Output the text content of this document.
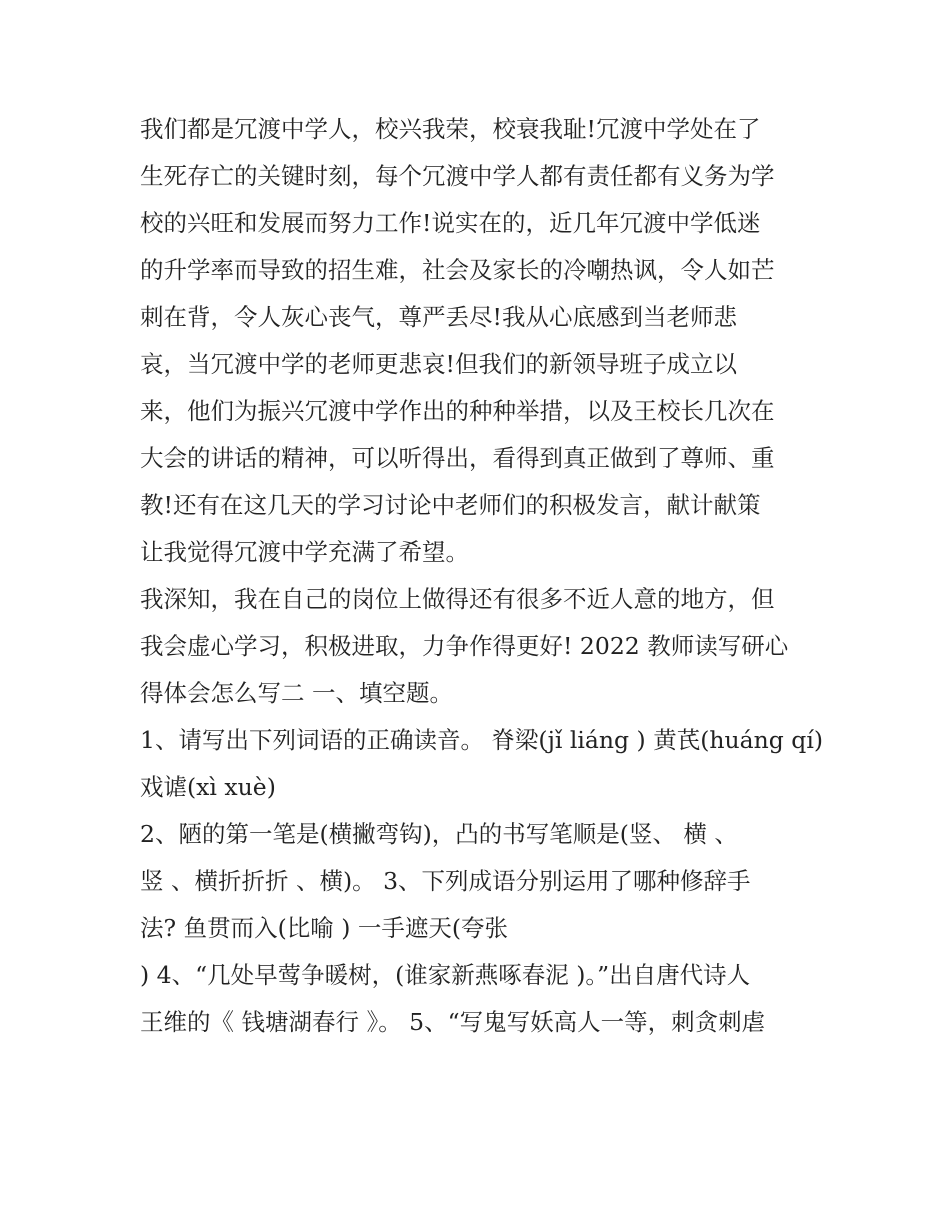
我们都是冗渡中学人，校兴我荣，校衰我耻!冗渡中学处在了
生死存亡的关键时刻，每个冗渡中学人都有责任都有义务为学
校的兴旺和发展而努力工作!说实在的，近几年冗渡中学低迷
的升学率而导致的招生难，社会及家长的冷嘲热讽，令人如芒
刺在背，令人灰心丧气，尊严丢尽!我从心底感到当老师悲
哀，当冗渡中学的老师更悲哀!但我们的新领导班子成立以
来，他们为振兴冗渡中学作出的种种举措，以及王校长几次在
大会的讲话的精神，可以听得出，看得到真正做到了尊师、重
教!还有在这几天的学习讨论中老师们的积极发言，献计献策
让我觉得冗渡中学充满了希望。
我深知，我在自己的岗位上做得还有很多不近人意的地方，但
我会虚心学习，积极进取，力争作得更好! 2022 教师读写研心
得体会怎么写二 一、填空题。
1、请写出下列词语的正确读音。 脊梁(jǐ liáng ) 黄芪(huáng qí)
戏谑(xì xuè)
2、陋的第一笔是(横撇弯钩)，凸的书写笔顺是(竖、 横 、
竖 、横折折折 、横)。 3、下列成语分别运用了哪种修辞手
法? 鱼贯而入(比喻 ) 一手遮天(夸张
) 4、“几处早莺争暖树，(谁家新燕啄春泥 )。”出自唐代诗人
王维的《 钱塘湖春行 》。 5、“写鬼写妖高人一等，刺贪刺虐
